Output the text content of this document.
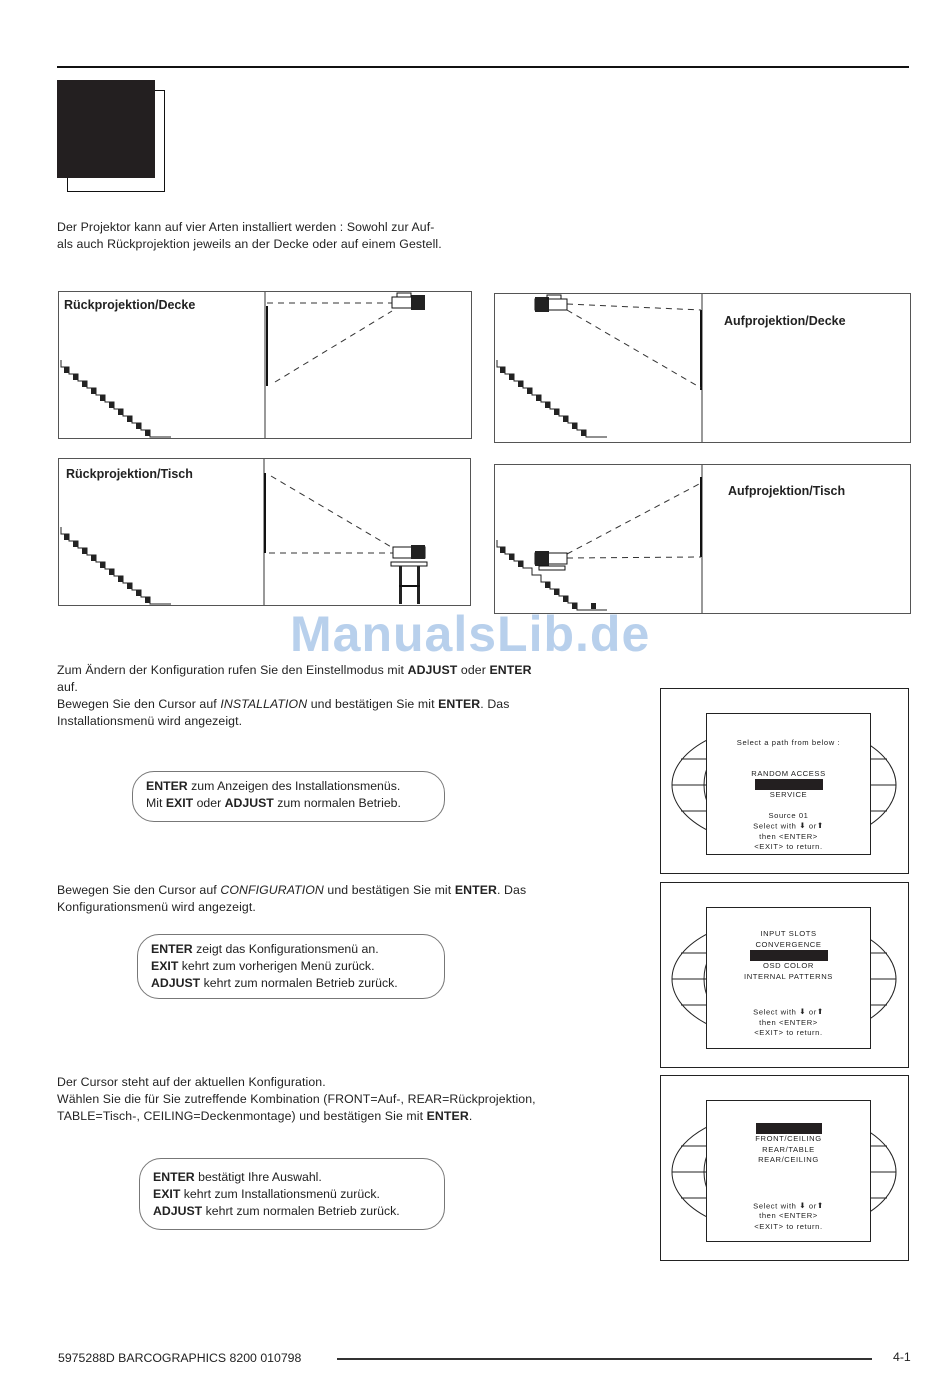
Der Projektor kann auf vier Arten installiert werden : Sowohl zur Auf-
als auch Rückprojektion jeweils an der Decke oder auf einem Gestell.
Rückprojektion/Decke
Aufprojektion/Decke
Rückprojektion/Tisch
Aufprojektion/Tisch
ManualsLib.de
Zum Ändern der Konfiguration rufen Sie den Einstellmodus mit ADJUST oder ENTER
auf.
Bewegen Sie den Cursor auf INSTALLATION und bestätigen Sie mit ENTER. Das
Installationsmenü wird angezeigt.
ENTER zum Anzeigen des Installationsmenüs.
Mit EXIT oder ADJUST zum normalen Betrieb.
Select a path from below :
RANDOM ACCESS
SERVICE
Source 01
Select with ⬇ or⬆
then <ENTER>
<EXIT> to return.
Bewegen Sie den Cursor auf CONFIGURATION und bestätigen Sie mit ENTER. Das
Konfigurationsmenü wird angezeigt.
ENTER zeigt das Konfigurationsmenü an.
EXIT kehrt zum vorherigen Menü zurück.
ADJUST kehrt zum normalen Betrieb zurück.
INPUT SLOTS
CONVERGENCE
OSD COLOR
INTERNAL PATTERNS
Select with ⬇ or⬆
then <ENTER>
<EXIT> to return.
Der Cursor steht auf der aktuellen Konfiguration.
Wählen Sie die für Sie zutreffende Kombination (FRONT=Auf-, REAR=Rückprojektion,
TABLE=Tisch-, CEILING=Deckenmontage) und bestätigen Sie mit ENTER.
ENTER bestätigt Ihre Auswahl.
EXIT kehrt zum Installationsmenü zurück.
ADJUST kehrt zum normalen Betrieb zurück.
FRONT/CEILING
REAR/TABLE
REAR/CEILING
Select with ⬇ or⬆
then <ENTER>
<EXIT> to return.
5975288D BARCOGRAPHICS 8200 010798	4-1
